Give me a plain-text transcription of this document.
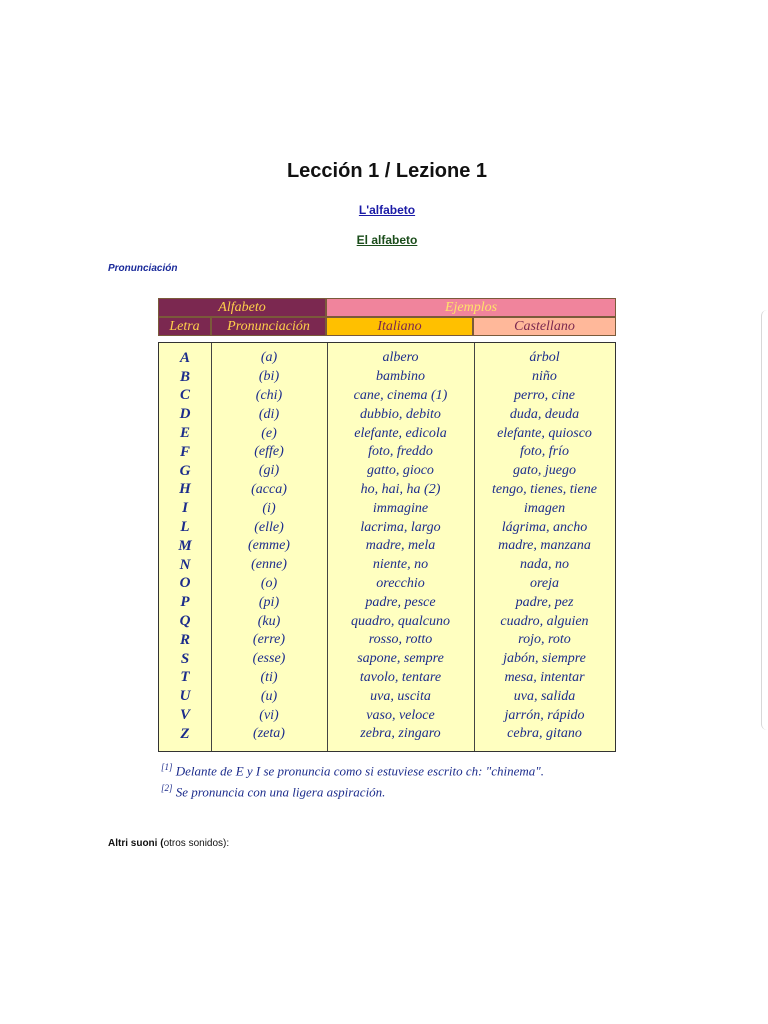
Lección 1 / Lezione 1
L'alfabeto
El alfabeto
Pronunciación
Alfabeto	Ejemplos
Letra	Pronunciación	Italiano	Castellano
A	(a)	albero	árbol
B	(bi)	bambino	niño
C	(chi)	cane, cinema (1)	perro, cine
D	(di)	dubbio, debito	duda, deuda
E	(e)	elefante, edicola	elefante, quiosco
F	(effe)	foto, freddo	foto, frío
G	(gi)	gatto, gioco	gato, juego
H	(acca)	ho, hai, ha (2)	tengo, tienes, tiene
I	(i)	immagine	imagen
L	(elle)	lacrima, largo	lágrima, ancho
M	(emme)	madre, mela	madre, manzana
N	(enne)	niente, no	nada, no
O	(o)	orecchio	oreja
P	(pi)	padre, pesce	padre, pez
Q	(ku)	quadro, qualcuno	cuadro, alguien
R	(erre)	rosso, rotto	rojo, roto
S	(esse)	sapone, sempre	jabón, siempre
T	(ti)	tavolo, tentare	mesa, intentar
U	(u)	uva, uscita	uva, salida
V	(vi)	vaso, veloce	jarrón, rápido
Z	(zeta)	zebra, zingaro	cebra, gitano
[1] Delante de E y I se pronuncia como si estuviese escrito ch: "chinema".
[2] Se pronuncia con una ligera aspiración.
Altri suoni (otros sonidos):
